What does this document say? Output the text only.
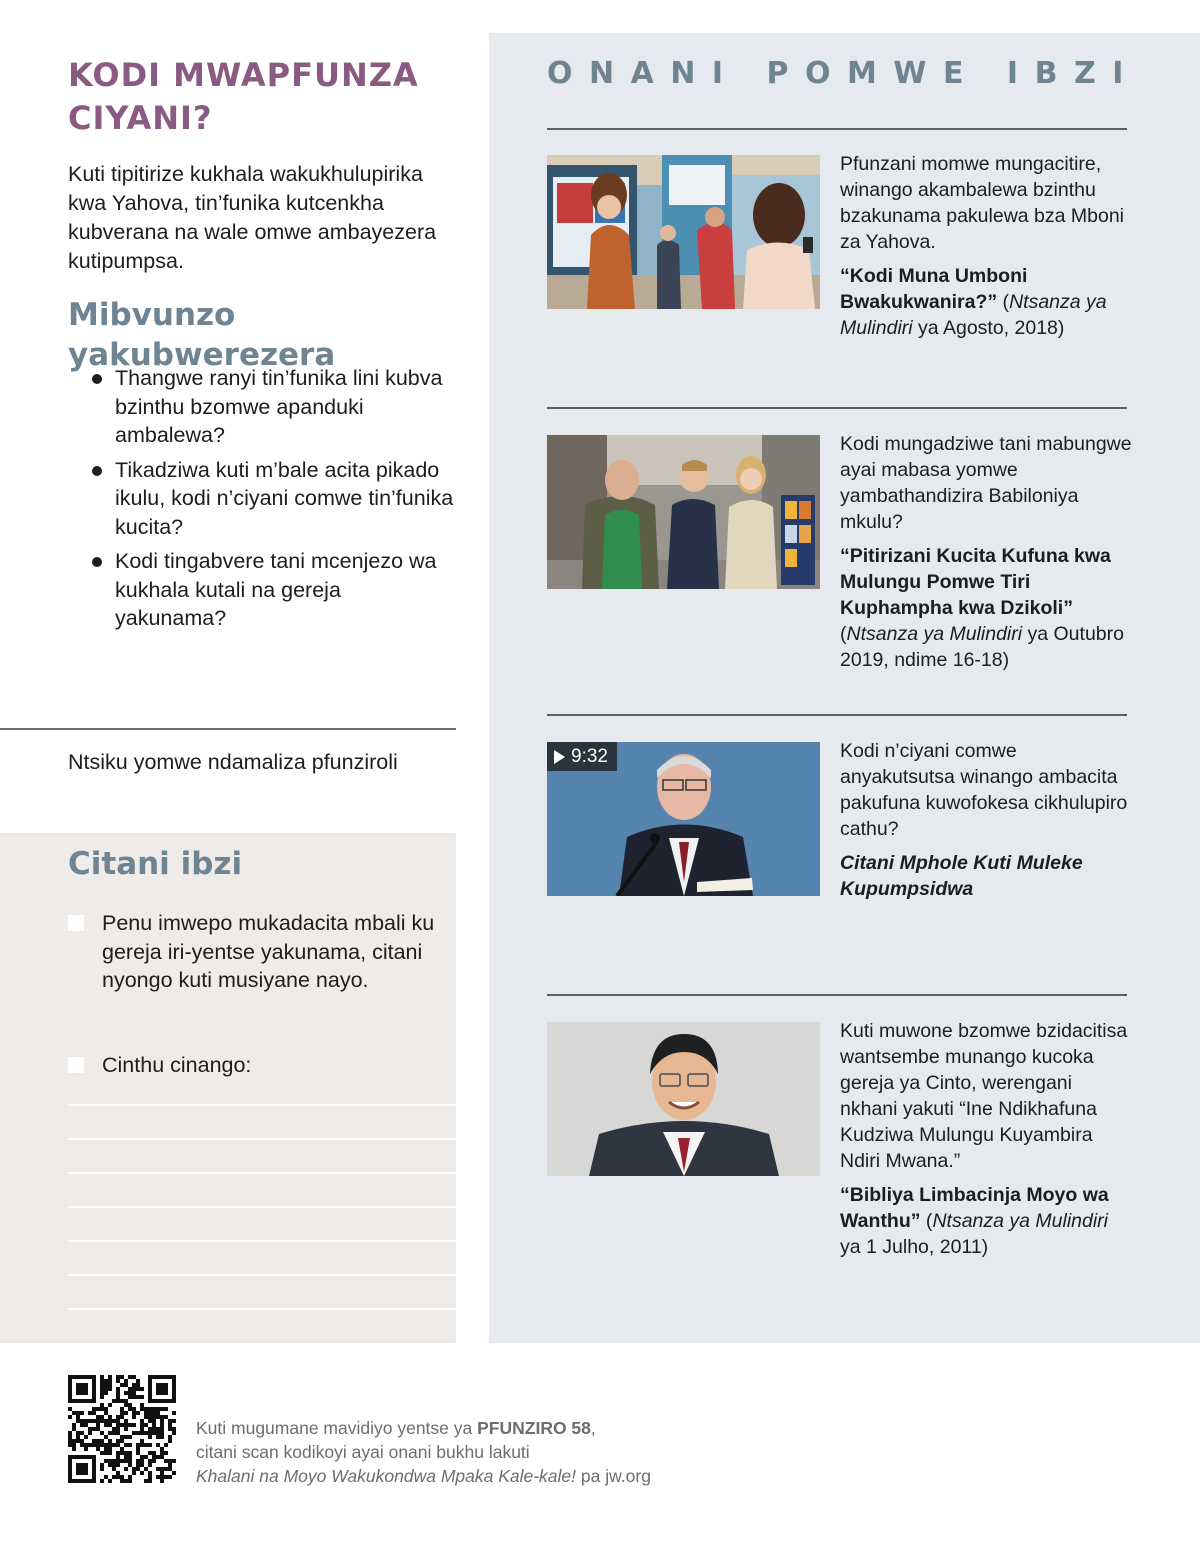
KODI MWAPFUNZA CIYANI?

Kuti tipitirize kukhala wakukhulupirika kwa Yahova, tin’funika kutcenkha kubverana na wale omwe ambayezera kutipumpsa.

Mibvunzo yakubwerezera
Thangwe ranyi tin’funika lini kubva bzinthu bzomwe apanduki ambalewa?
Tikadziwa kuti m’bale acita pikado ikulu, kodi n’ciyani comwe tin’funika kucita?
Kodi tingabvere tani mcenjezo wa kukhala kutali na gereja yakunama?
Ntsiku yomwe ndamaliza pfunziroli
Citani ibzi
Penu imwepo mukadacita mbali ku gereja iri-yentse yakunama, citani nyongo kuti musiyane nayo.
Cinthu cinango:
ONANI POMWE IBZI

Pfunzani momwe mungacitire, winango akambalewa bzinthu bzakunama pakulewa bza Mboni za Yahova.

“Kodi Muna Umboni Bwakukwanira?” (Ntsanza ya Mulindiri ya Agosto, 2018)

Kodi mungadziwe tani mabungwe ayai mabasa yomwe yambathandizira Babiloniya mkulu?

“Pitirizani Kucita Kufuna kwa Mulungu Pomwe Tiri Kuphampha kwa Dzikoli” (Ntsanza ya Mulindiri ya Outubro 2019, ndime 16-18)

9:32	Kodi n’ciyani comwe anyakutsutsa winango ambacita pakufuna kuwofokesa cikhulupiro cathu?

Citani Mphole Kuti Muleke Kupumpsidwa

Kuti muwone bzomwe bzidacitisa wantsembe munango kucoka gereja ya Cinto, werengani nkhani yakuti “Ine Ndikhafuna Kudziwa Mulungu Kuyambira Ndiri Mwana.”

“Bibliya Limbacinja Moyo wa Wanthu” (Ntsanza ya Mulindiri ya 1 Julho, 2011)

Kuti mugumane mavidiyo yentse ya PFUNZIRO 58,
citani scan kodikoyi ayai onani bukhu lakuti
Khalani na Moyo Wakukondwa Mpaka Kale-kale! pa jw.org
